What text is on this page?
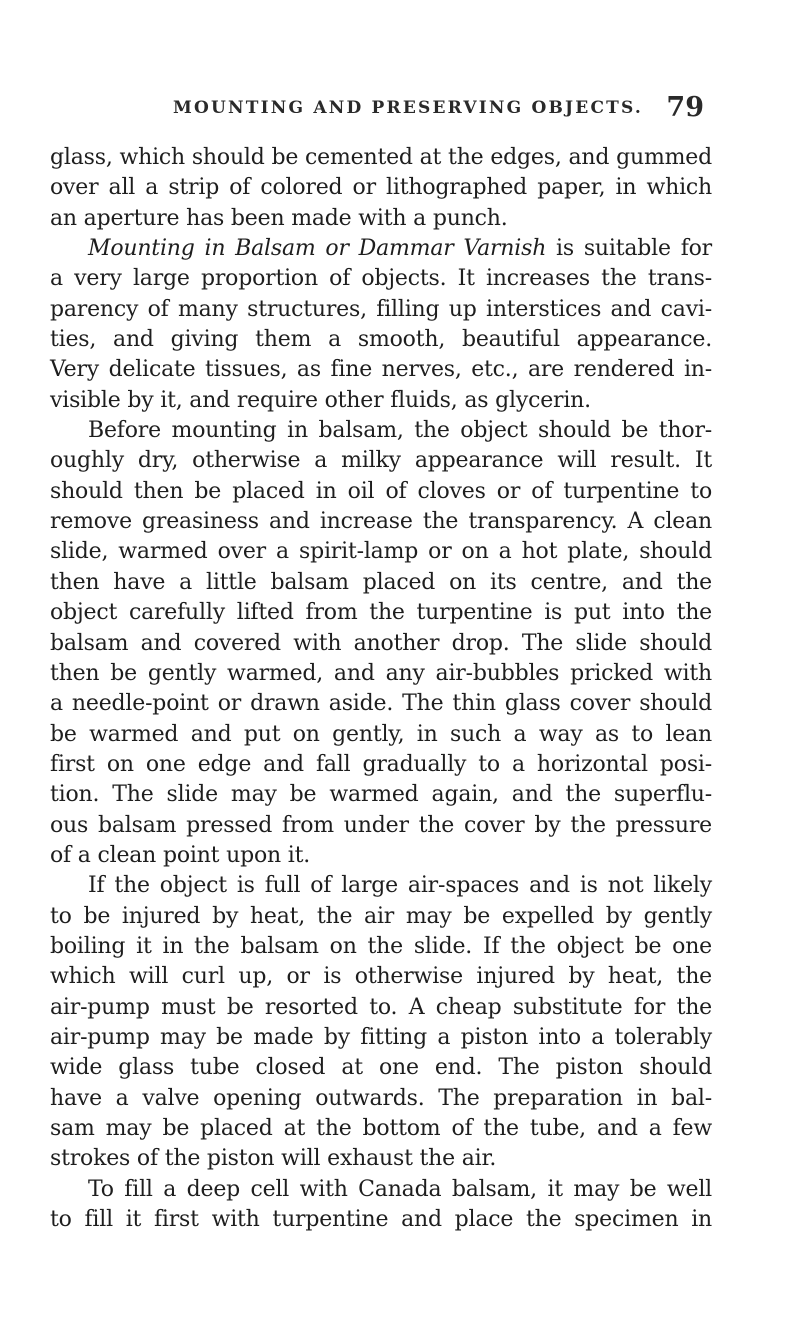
MOUNTING AND PRESERVING OBJECTS. 79
glass, which should be cemented at the edges, and gummed
over all a strip of colored or lithographed paper, in which
an aperture has been made with a punch.
Mounting in Balsam or Dammar Varnish is suitable for
a very large proportion of objects. It increases the trans-
parency of many structures, filling up interstices and cavi-
ties, and giving them a smooth, beautiful appearance.
Very delicate tissues, as fine nerves, etc., are rendered in-
visible by it, and require other fluids, as glycerin.
Before mounting in balsam, the object should be thor-
oughly dry, otherwise a milky appearance will result. It
should then be placed in oil of cloves or of turpentine to
remove greasiness and increase the transparency. A clean
slide, warmed over a spirit-lamp or on a hot plate, should
then have a little balsam placed on its centre, and the
object carefully lifted from the turpentine is put into the
balsam and covered with another drop. The slide should
then be gently warmed, and any air-bubbles pricked with
a needle-point or drawn aside. The thin glass cover should
be warmed and put on gently, in such a way as to lean
first on one edge and fall gradually to a horizontal posi-
tion. The slide may be warmed again, and the superflu-
ous balsam pressed from under the cover by the pressure
of a clean point upon it.
If the object is full of large air-spaces and is not likely
to be injured by heat, the air may be expelled by gently
boiling it in the balsam on the slide. If the object be one
which will curl up, or is otherwise injured by heat, the
air-pump must be resorted to. A cheap substitute for the
air-pump may be made by fitting a piston into a tolerably
wide glass tube closed at one end. The piston should
have a valve opening outwards. The preparation in bal-
sam may be placed at the bottom of the tube, and a few
strokes of the piston will exhaust the air.
To fill a deep cell with Canada balsam, it may be well
to fill it first with turpentine and place the specimen in
